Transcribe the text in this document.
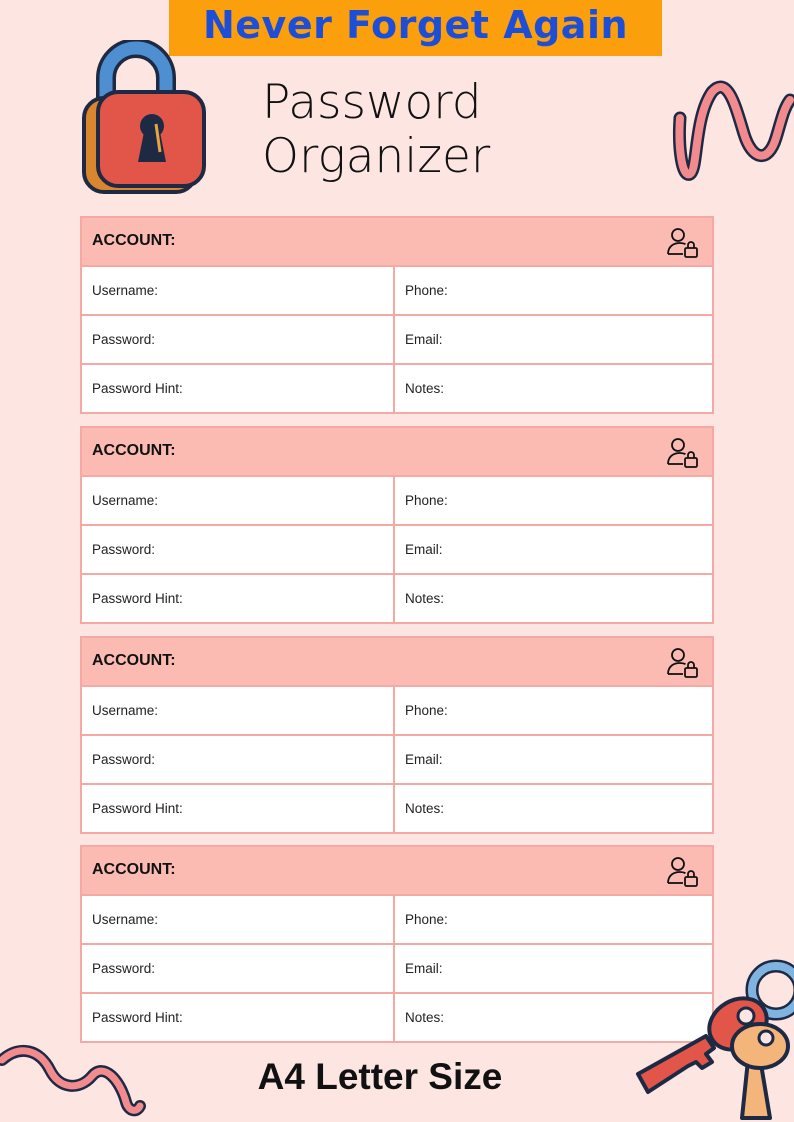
Never Forget Again
Password
Organizer
ACCOUNT:
Username:	Phone:
Password:	Email:
Password Hint:	Notes:
ACCOUNT:
Username:	Phone:
Password:	Email:
Password Hint:	Notes:
ACCOUNT:
Username:	Phone:
Password:	Email:
Password Hint:	Notes:
ACCOUNT:
Username:	Phone:
Password:	Email:
Password Hint:	Notes:
A4 Letter Size
